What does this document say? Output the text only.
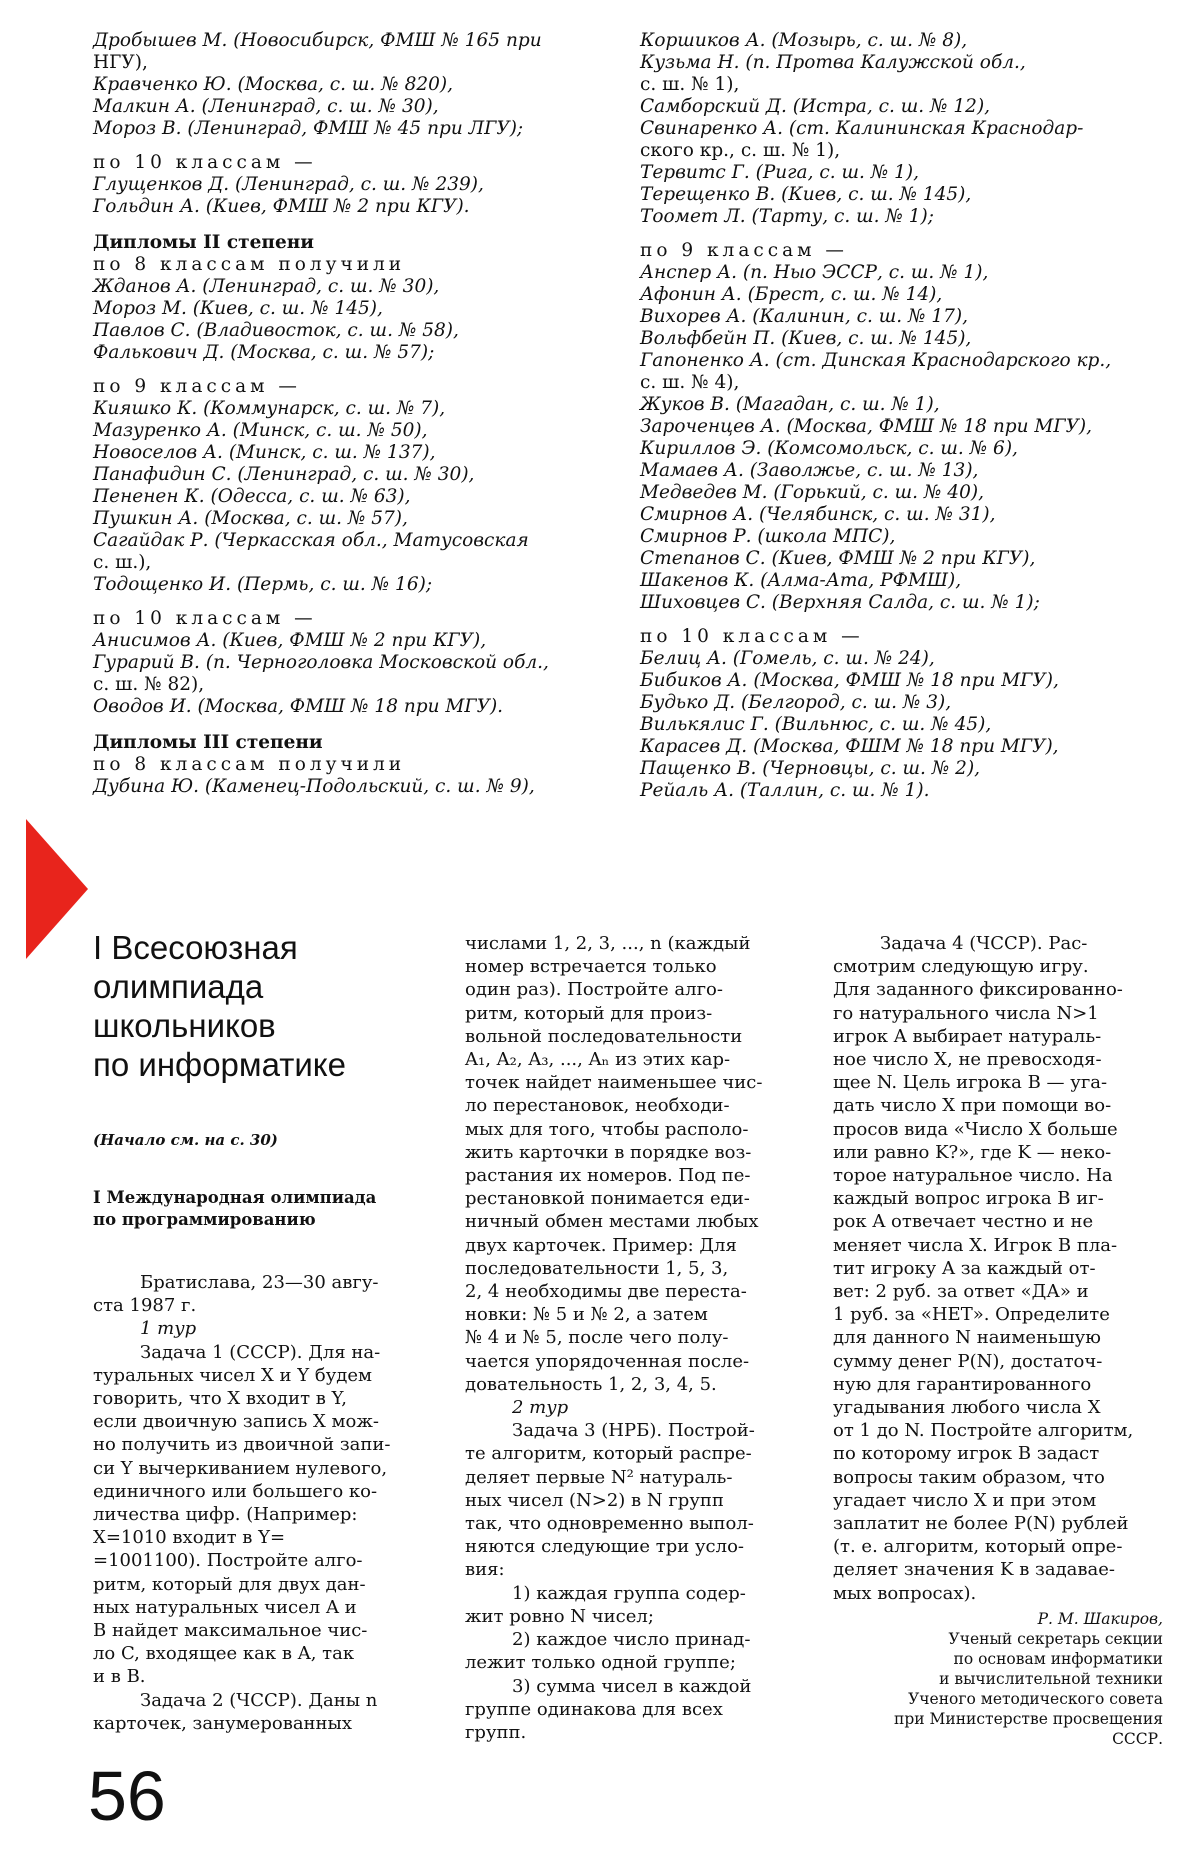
Дробышев М. (Новосибирск, ФМШ № 165 при
НГУ),
Кравченко Ю. (Москва, с. ш. № 820),
Малкин А. (Ленинград, с. ш. № 30),
Мороз В. (Ленинград, ФМШ № 45 при ЛГУ);
по 10 классам —
Глущенков Д. (Ленинград, с. ш. № 239),
Гольдин А. (Киев, ФМШ № 2 при КГУ).
Дипломы II степени
по 8 классам получили
Жданов А. (Ленинград, с. ш. № 30),
Мороз М. (Киев, с. ш. № 145),
Павлов С. (Владивосток, с. ш. № 58),
Фалькович Д. (Москва, с. ш. № 57);
по 9 классам —
Кияшко К. (Коммунарск, с. ш. № 7),
Мазуренко А. (Минск, с. ш. № 50),
Новоселов А. (Минск, с. ш. № 137),
Панафидин С. (Ленинград, с. ш. № 30),
Пененен К. (Одесса, с. ш. № 63),
Пушкин А. (Москва, с. ш. № 57),
Сагайдак Р. (Черкасская обл., Матусовская
с. ш.),
Тодощенко И. (Пермь, с. ш. № 16);
по 10 классам —
Анисимов А. (Киев, ФМШ № 2 при КГУ),
Гурарий В. (п. Черноголовка Московской обл.,
с. ш. № 82),
Оводов И. (Москва, ФМШ № 18 при МГУ).
Дипломы III степени
по 8 классам получили
Дубина Ю. (Каменец-Подольский, с. ш. № 9),
Коршиков А. (Мозырь, с. ш. № 8),
Кузьма Н. (п. Протва Калужской обл.,
с. ш. № 1),
Самборский Д. (Истра, с. ш. № 12),
Свинаренко А. (ст. Калининская Краснодар-
ского кр., с. ш. № 1),
Тервитс Г. (Рига, с. ш. № 1),
Терещенко В. (Киев, с. ш. № 145),
Тоомет Л. (Тарту, с. ш. № 1);
по 9 классам —
Анспер А. (п. Ныо ЭССР, с. ш. № 1),
Афонин А. (Брест, с. ш. № 14),
Вихорев А. (Калинин, с. ш. № 17),
Вольфбейн П. (Киев, с. ш. № 145),
Гапоненко А. (ст. Динская Краснодарского кр.,
с. ш. № 4),
Жуков В. (Магадан, с. ш. № 1),
Зароченцев А. (Москва, ФМШ № 18 при МГУ),
Кириллов Э. (Комсомольск, с. ш. № 6),
Мамаев А. (Заволжье, с. ш. № 13),
Медведев М. (Горький, с. ш. № 40),
Смирнов А. (Челябинск, с. ш. № 31),
Смирнов Р. (школа МПС),
Степанов С. (Киев, ФМШ № 2 при КГУ),
Шакенов К. (Алма-Ата, РФМШ),
Шиховцев С. (Верхняя Салда, с. ш. № 1);
по 10 классам —
Белиц А. (Гомель, с. ш. № 24),
Бибиков А. (Москва, ФМШ № 18 при МГУ),
Будько Д. (Белгород, с. ш. № 3),
Вилькялис Г. (Вильнюс, с. ш. № 45),
Карасев Д. (Москва, ФШМ № 18 при МГУ),
Пащенко В. (Черновцы, с. ш. № 2),
Рейаль А. (Таллин, с. ш. № 1).
I Всесоюзная
олимпиада
школьников
по информатике
(Начало см. на с. 30)
I Международная олимпиада
по программированию
Братислава, 23—30 авгу-
ста 1987 г.
1 тур
Задача 1 (СССР). Для на-
туральных чисел X и Y будем
говорить, что X входит в Y,
если двоичную запись X мож-
но получить из двоичной запи-
си Y вычеркиванием нулевого,
единичного или большего ко-
личества цифр. (Например:
X=1010 входит в Y=
=1001100). Постройте алго-
ритм, который для двух дан-
ных натуральных чисел A и
B найдет максимальное чис-
ло C, входящее как в A, так
и в B.
Задача 2 (ЧССР). Даны n
карточек, занумерованных
числами 1, 2, 3, ..., n (каждый
номер встречается только
один раз). Постройте алго-
ритм, который для произ-
вольной последовательности
A₁, A₂, A₃, ..., Aₙ из этих кар-
точек найдет наименьшее чис-
ло перестановок, необходи-
мых для того, чтобы располо-
жить карточки в порядке воз-
растания их номеров. Под пе-
рестановкой понимается еди-
ничный обмен местами любых
двух карточек. Пример: Для
последовательности 1, 5, 3,
2, 4 необходимы две переста-
новки: № 5 и № 2, а затем
№ 4 и № 5, после чего полу-
чается упорядоченная после-
довательность 1, 2, 3, 4, 5.
2 тур
Задача 3 (НРБ). Построй-
те алгоритм, который распре-
деляет первые N² натураль-
ных чисел (N>2) в N групп
так, что одновременно выпол-
няются следующие три усло-
вия:
1) каждая группа содер-
жит ровно N чисел;
2) каждое число принад-
лежит только одной группе;
3) сумма чисел в каждой
группе одинакова для всех
групп.
Задача 4 (ЧССР). Рас-
смотрим следующую игру.
Для заданного фиксированно-
го натурального числа N>1
игрок A выбирает натураль-
ное число X, не превосходя-
щее N. Цель игрока B — уга-
дать число X при помощи во-
просов вида «Число X больше
или равно K?», где K — неко-
торое натуральное число. На
каждый вопрос игрока B иг-
рок A отвечает честно и не
меняет числа X. Игрок B пла-
тит игроку A за каждый от-
вет: 2 руб. за ответ «ДА» и
1 руб. за «НЕТ». Определите
для данного N наименьшую
сумму денег P(N), достаточ-
ную для гарантированного
угадывания любого числа X
от 1 до N. Постройте алгоритм,
по которому игрок B задаст
вопросы таким образом, что
угадает число X и при этом
заплатит не более P(N) рублей
(т. е. алгоритм, который опре-
деляет значения K в задавае-
мых вопросах).
Р. М. Шакиров,
Ученый секретарь секции
по основам информатики
и вычислительной техники
Ученого методического совета
при Министерстве просвещения
СССР.
56
